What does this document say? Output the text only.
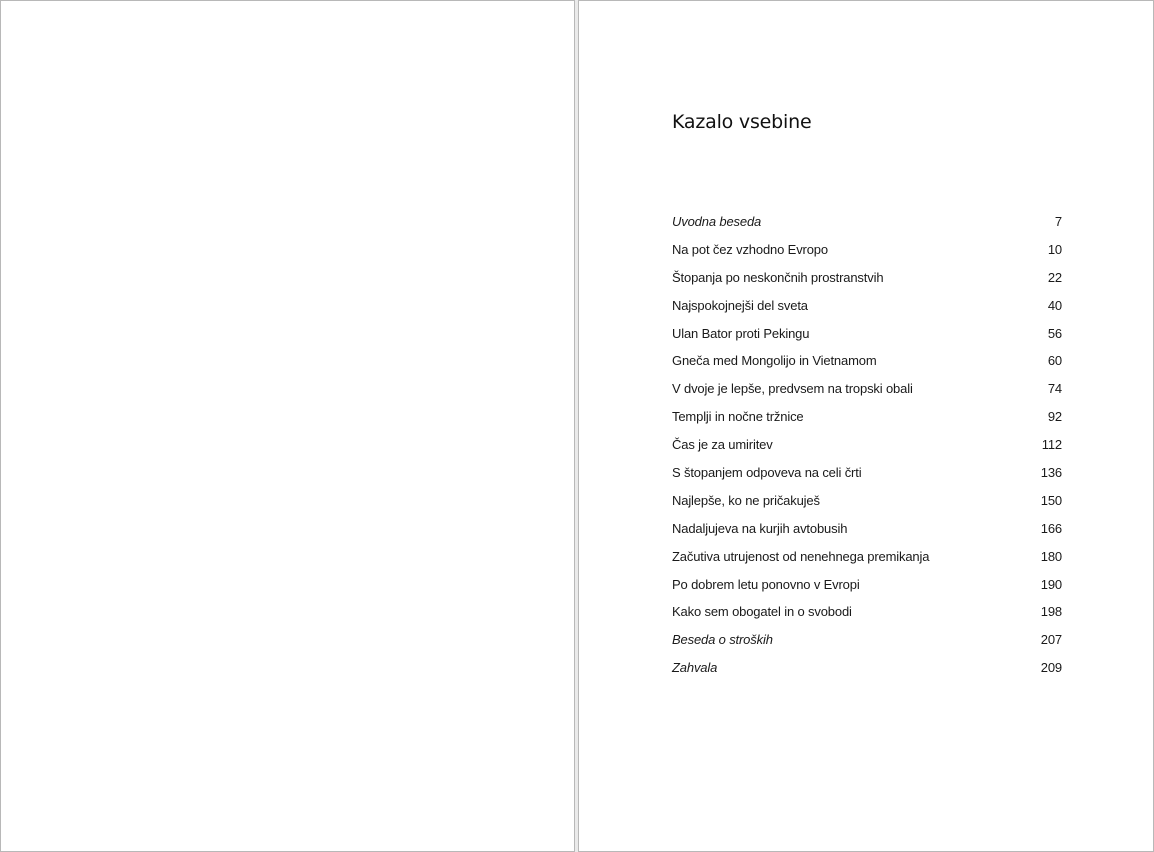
Kazalo vsebine
Uvodna beseda	7
Na pot čez vzhodno Evropo	10
Štopanja po neskončnih prostranstvih	22
Najspokojnejši del sveta	40
Ulan Bator proti Pekingu	56
Gneča med Mongolijo in Vietnamom	60
V dvoje je lepše, predvsem na tropski obali	74
Templji in nočne tržnice	92
Čas je za umiritev	112
S štopanjem odpoveva na celi črti	136
Najlepše, ko ne pričakuješ	150
Nadaljujeva na kurjih avtobusih	166
Začutiva utrujenost od nenehnega premikanja	180
Po dobrem letu ponovno v Evropi	190
Kako sem obogatel in o svobodi	198
Beseda o stroških	207
Zahvala	209
